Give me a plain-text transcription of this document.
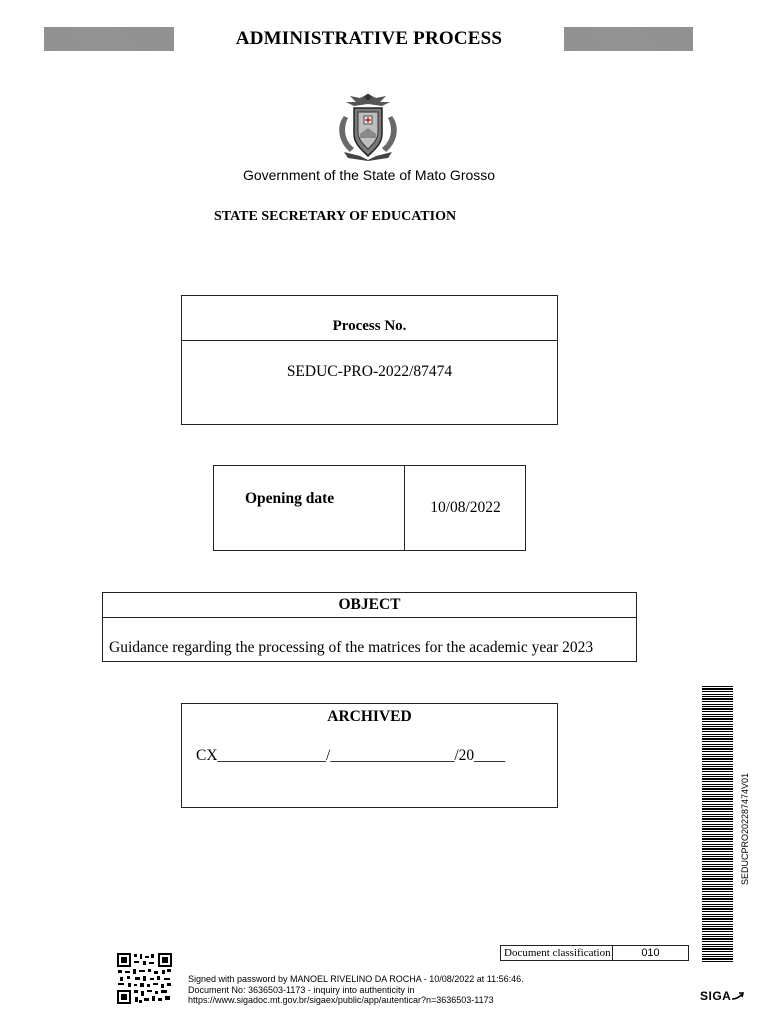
ADMINISTRATIVE PROCESS
Government of the State of Mato Grosso
STATE SECRETARY OF EDUCATION
Process No.
SEDUC-PRO-2022/87474
Opening date
10/08/2022
OBJECT
Guidance regarding the processing of the matrices for the academic year 2023
ARCHIVED
CX______________/________________/20____
SEDUCPRO202287474V01
Document classification	010
Signed with password by MANOEL RIVELINO DA ROCHA - 10/08/2022 at 11:56:46.
Document No: 3636503-1173 - inquiry into authenticity in
https://www.sigadoc.mt.gov.br/sigaex/public/app/autenticar?n=3636503-1173	SIGA
